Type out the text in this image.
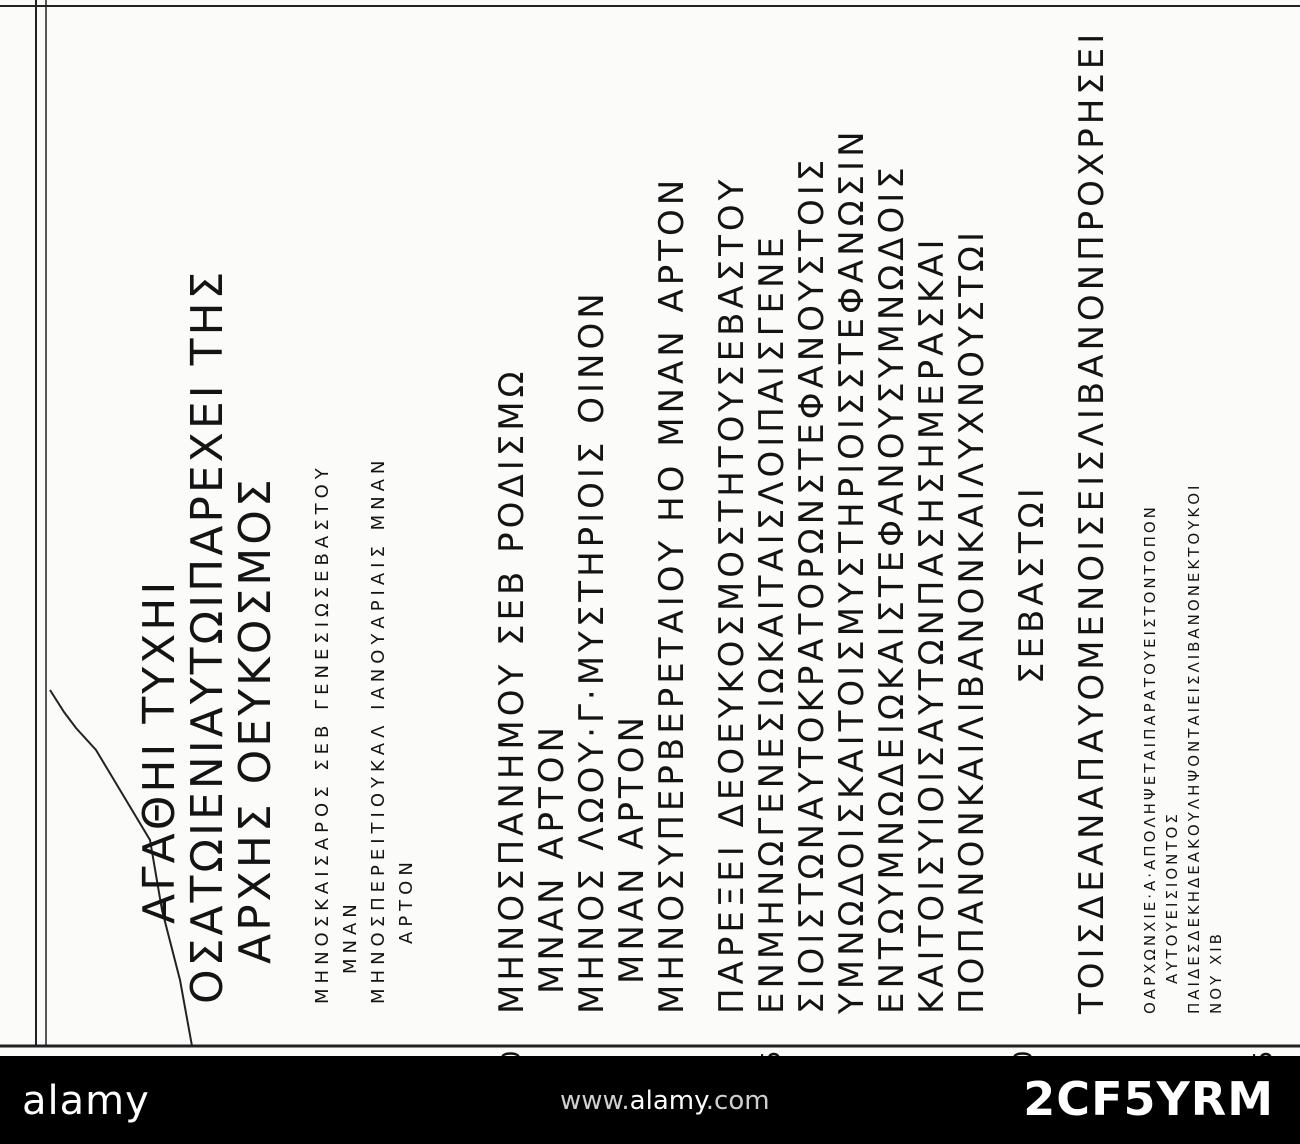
ΑΓΑΘΗΙ ΤΥΧΗΙ
ΟΣΑΤΩΙΕΝΙΑΥΤΩΙΠΑΡΕΧΕΙ ΤΗΣ
ΑΡΧΗΣ ΟΕΥΚΟΣΜΟΣ ΜΗΝΟΣΚΑΙΣΑΡΟΣ ΣΕΒ ΓΕΝΕΣΙΩΣΕΒΑΣΤΟΥ ΜΝΑΝ ΜΗΝΟΣΠΕΡΕΙΤΙΟΥΚΑΛ ΙΑΝΟΥΑΡΙΑΙΣ ΜΝΑΝ ΑΡΤΟΝ ΜΗΝΟΣΠΑΝΗΜΟΥ ΣΕΒ ΡΟΔΙΣΜΩ ΜΝΑΝ ΑΡΤΟΝ ΜΗΝΟΣ ΛΩΟΥ·Γ·ΜΥΣΤΗΡΙΟΙΣ ΟΙΝΟΝ ΜΝΑΝ ΑΡΤΟΝ ΜΗΝΟΣΥΠΕΡΒΕΡΕΤΑΙΟΥ ΗΟ ΜΝΑΝ ΑΡΤΟΝ ΠΑΡΕΞΕΙ ΔΕΟΕΥΚΟΣΜΟΣΤΗΤΟΥΣΕΒΑΣΤΟΥ ΕΝΜΗΝΩΓΕΝΕΣΙΩΚΑΙΤΑΙΣΛΟΙΠΑΙΣΓΕΝΕ ΣΙΟΙΣΤΩΝΑΥΤΟΚΡΑΤΟΡΩΝΣΤΕΦΑΝΟΥΣΤΟΙΣ ΥΜΝΩΔΟΙΣΚΑΙΤΟΙΣΜΥΣΤΗΡΙΟΙΣΣΤΕΦΑΝΩΣΙΝ ΕΝΤΩΥΜΝΩΔΕΙΩΚΑΙΣΤΕΦΑΝΟΥΣΥΜΝΩΔΟΙΣ ΚΑΙΤΟΙΣΥΙΟΙΣΑΥΤΩΝΠΑΣΗΣΗΜΕΡΑΣΚΑΙ ΠΟΠΑΝΟΝΚΑΙΛΙΒΑΝΟΝΚΑΙΛΥΧΝΟΥΣΤΩΙ ΣΕΒΑΣΤΩΙ ΤΟΙΣΔΕΑΝΑΠΑΥΟΜΕΝΟΙΣΕΙΣΛΙΒΑΝΟΝΠΡΟΧΡΗΣΕΙ ΟΑΡΧΩΝΧΙΕ·Α·ΑΠΟΛΗΨΕΤΑΙΠΑΡΑΤΟΥΕΙΣΤΟΝΤΟΠΟΝ ΑΥΤΟΥΕΙΣΙΟΝΤΟΣ ΠΑΙΔΕΣΔΕΚΗΔΕΑΚΟΥΛΗΨΟΝΤΑΙΕΙΣΛΙΒΑΝΟΝΕΚΤΟΥΚΟΙ ΝΟΥ ΧΙΒ
alamy	www.alamy.com	2CF5YRM
